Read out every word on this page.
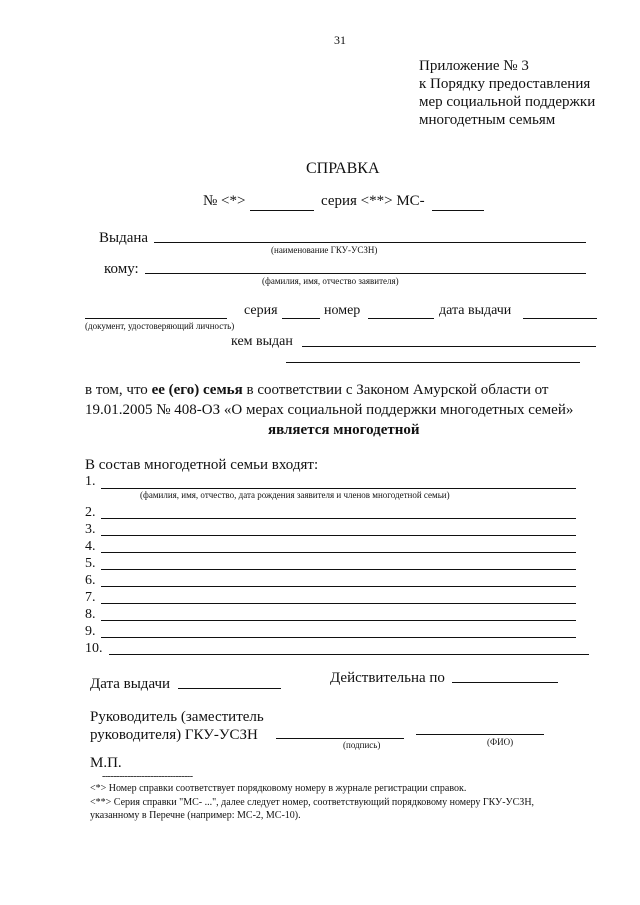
31
Приложение № 3
к Порядку предоставления
мер социальной поддержки
многодетным семьям
СПРАВКА
№ <*>	серия <**> МС-
Выдана
(наименование ГКУ-УСЗН)
кому:
(фамилия, имя, отчество заявителя)
серия	номер	дата выдачи
(документ, удостоверяющий личность)
кем выдан
в том, что ее (его) семья в соответствии с Законом Амурской области от
19.01.2005 № 408-ОЗ «О мерах социальной поддержки многодетных семей»
является многодетной
В состав многодетной семьи входят:
1.
(фамилия, имя, отчество, дата рождения заявителя и членов многодетной семьи)
2.
3.
4.
5.
6.
7.
8.
9.
10.
Дата выдачи	Действительна по
Руководитель (заместитель
руководителя) ГКУ-УСЗН
(подпись)	(ФИО)
М.П.
--------------------------------
<*> Номер справки соответствует порядковому номеру в журнале регистрации справок.
<**> Серия справки "МС- ...", далее следует номер, соответствующий порядковому номеру ГКУ-УСЗН,
указанному в Перечне (например: МС-2, МС-10).
